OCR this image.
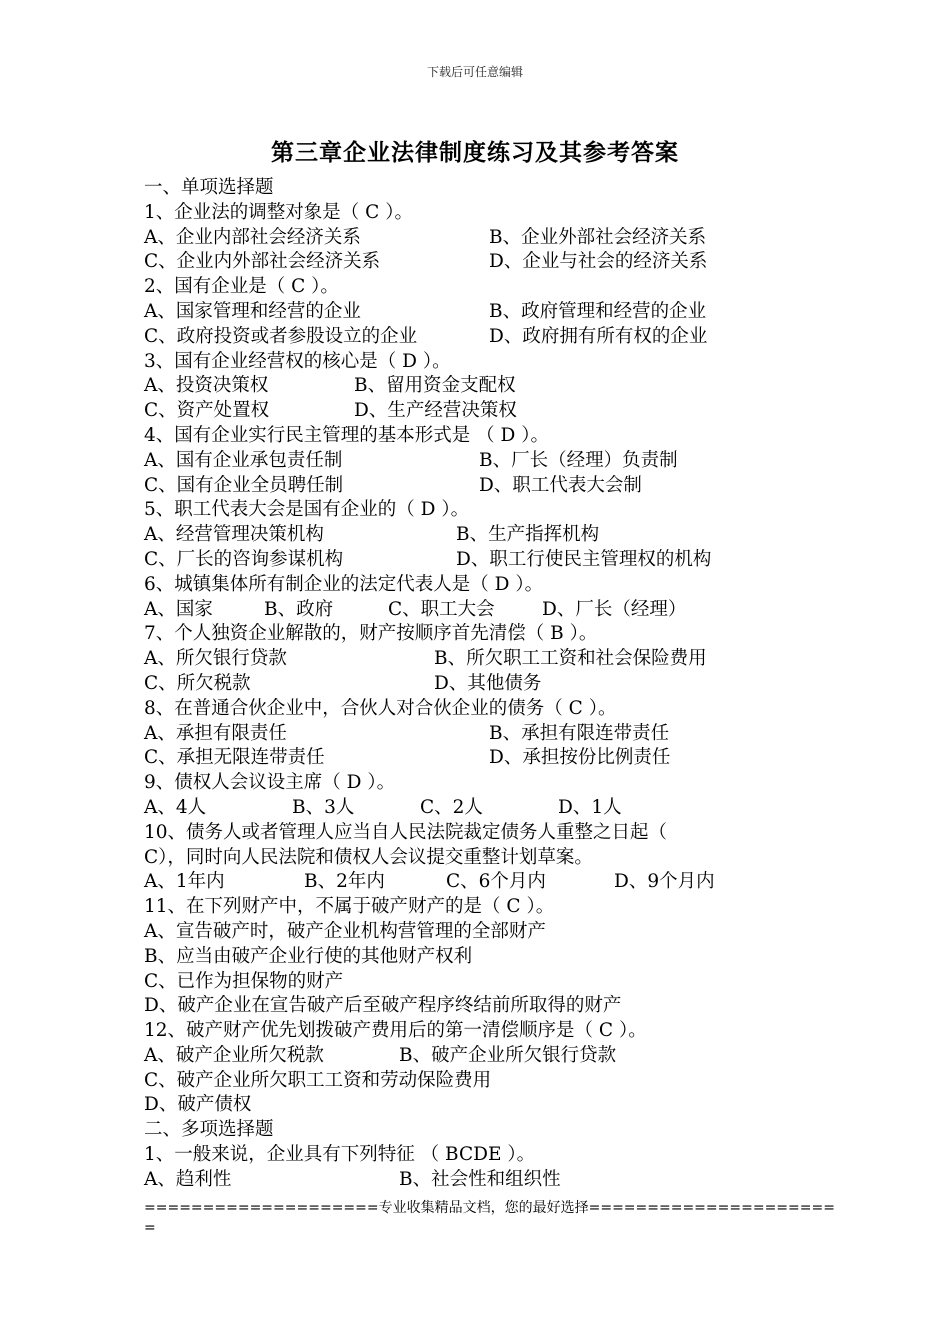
下载后可任意编辑
第三章企业法律制度练习及其参考答案
一、单项选择题
1、企业法的调整对象是（ C ）。
A、企业内部社会经济关系	B、企业外部社会经济关系
C、企业内外部社会经济关系	D、企业与社会的经济关系
2、国有企业是（ C ）。
A、国家管理和经营的企业	B、政府管理和经营的企业
C、政府投资或者参股设立的企业	D、政府拥有所有权的企业
3、国有企业经营权的核心是（ D ）。
A、投资决策权	B、留用资金支配权
C、资产处置权	D、生产经营决策权
4、国有企业实行民主管理的基本形式是 （ D ）。
A、国有企业承包责任制	B、厂长（经理）负责制
C、国有企业全员聘任制	D、职工代表大会制
5、职工代表大会是国有企业的（ D ）。
A、经营管理决策机构	B、生产指挥机构
C、厂长的咨询参谋机构	D、职工行使民主管理权的机构
6、城镇集体所有制企业的法定代表人是（ D ）。
A、国家	B、政府	C、职工大会	D、厂长（经理）
7、个人独资企业解散的，财产按顺序首先清偿（ B ）。
A、所欠银行贷款	B、所欠职工工资和社会保险费用
C、所欠税款	D、其他债务
8、在普通合伙企业中，合伙人对合伙企业的债务（ C ）。
A、承担有限责任	B、承担有限连带责任
C、承担无限连带责任	D、承担按份比例责任
9、债权人会议设主席（ D ）。
A、4人	B、3人	C、2人	D、1人
10、债务人或者管理人应当自人民法院裁定债务人重整之日起（
C），同时向人民法院和债权人会议提交重整计划草案。
A、1年内	B、2年内	C、6个月内	D、9个月内
11、在下列财产中，不属于破产财产的是（ C ）。
A、宣告破产时，破产企业机构营管理的全部财产
B、应当由破产企业行使的其他财产权利
C、已作为担保物的财产
D、破产企业在宣告破产后至破产程序终结前所取得的财产
12、破产财产优先划拨破产费用后的第一清偿顺序是（ C ）。
A、破产企业所欠税款	B、破产企业所欠银行贷款
C、破产企业所欠职工工资和劳动保险费用
D、破产债权
二、多项选择题
1、一般来说，企业具有下列特征 （ BCDE ）。
A、趋利性	B、社会性和组织性
====================专业收集精品文档，您的最好选择=====================
=
